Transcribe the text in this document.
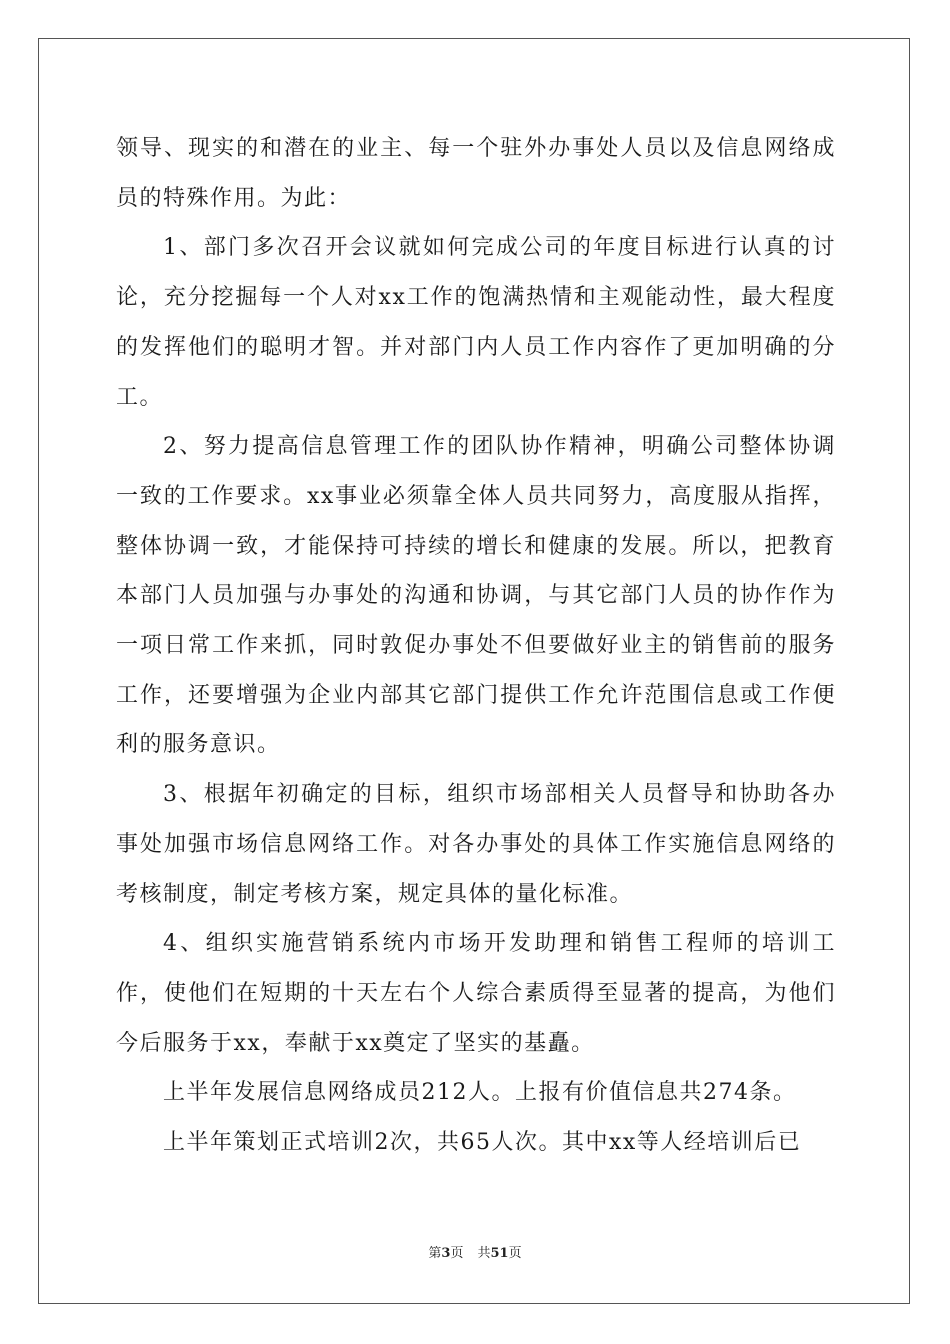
领导、现实的和潜在的业主、每一个驻外办事处人员以及信息网络成员的特殊作用。为此：

1、部门多次召开会议就如何完成公司的年度目标进行认真的讨论，充分挖掘每一个人对xx工作的饱满热情和主观能动性，最大程度的发挥他们的聪明才智。并对部门内人员工作内容作了更加明确的分工。

2、努力提高信息管理工作的团队协作精神，明确公司整体协调一致的工作要求。xx事业必须靠全体人员共同努力，高度服从指挥，整体协调一致，才能保持可持续的增长和健康的发展。所以，把教育本部门人员加强与办事处的沟通和协调，与其它部门人员的协作作为一项日常工作来抓，同时敦促办事处不但要做好业主的销售前的服务工作，还要增强为企业内部其它部门提供工作允许范围信息或工作便利的服务意识。

3、根据年初确定的目标，组织市场部相关人员督导和协助各办事处加强市场信息网络工作。对各办事处的具体工作实施信息网络的考核制度，制定考核方案，规定具体的量化标准。

4、组织实施营销系统内市场开发助理和销售工程师的培训工作，使他们在短期的十天左右个人综合素质得至显著的提高，为他们今后服务于xx，奉献于xx奠定了坚实的基矗。

上半年发展信息网络成员212人。上报有价值信息共274条。

上半年策划正式培训2次，共65人次。其中xx等人经培训后已

第3页 共51页
